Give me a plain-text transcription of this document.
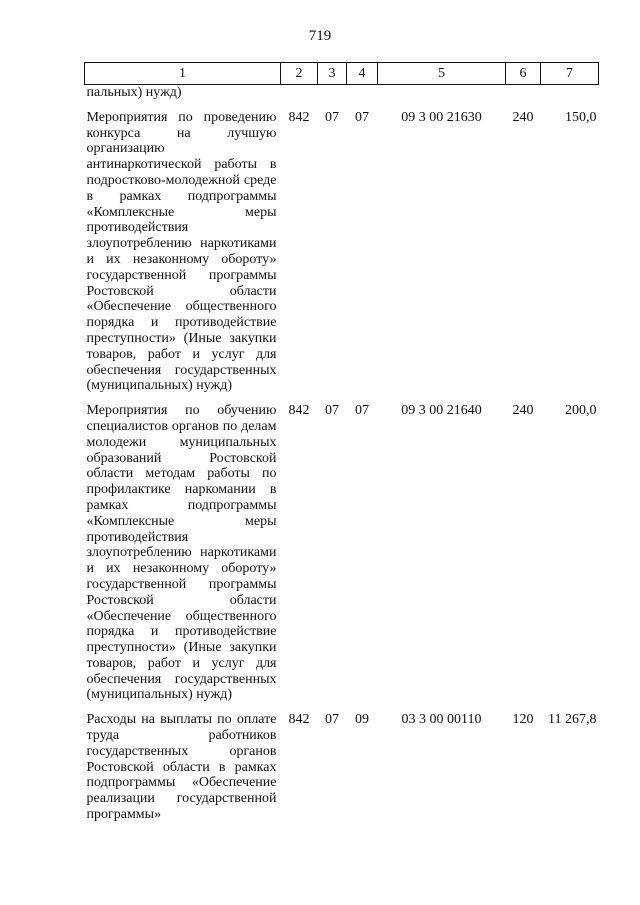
719
1	2	3	4	5	6	7
пальных) нужд)						
Мероприятия по проведению конкурса на лучшую организацию антинаркотической работы в подростково-молодежной среде в рамках подпрограммы «Комплексные меры противодействия злоупотреблению наркотиками и их незаконному обороту» государственной программы Ростовской области «Обеспечение общественного порядка и противодействие преступности» (Иные закупки товаров, работ и услуг для обеспечения государственных (муниципальных) нужд)	842	07	07	09 3 00 21630	240	150,0
Мероприятия по обучению специалистов органов по делам молодежи муниципальных образований Ростовской области методам работы по профилактике наркомании в рамках подпрограммы «Комплексные меры противодействия злоупотреблению наркотиками и их незаконному обороту» государственной программы Ростовской области «Обеспечение общественного порядка и противодействие преступности» (Иные закупки товаров, работ и услуг для обеспечения государственных (муниципальных) нужд)	842	07	07	09 3 00 21640	240	200,0
Расходы на выплаты по оплате труда работников государственных органов Ростовской области в рамках подпрограммы «Обеспечение реализации государственной программы»	842	07	09	03 3 00 00110	120	11 267,8
